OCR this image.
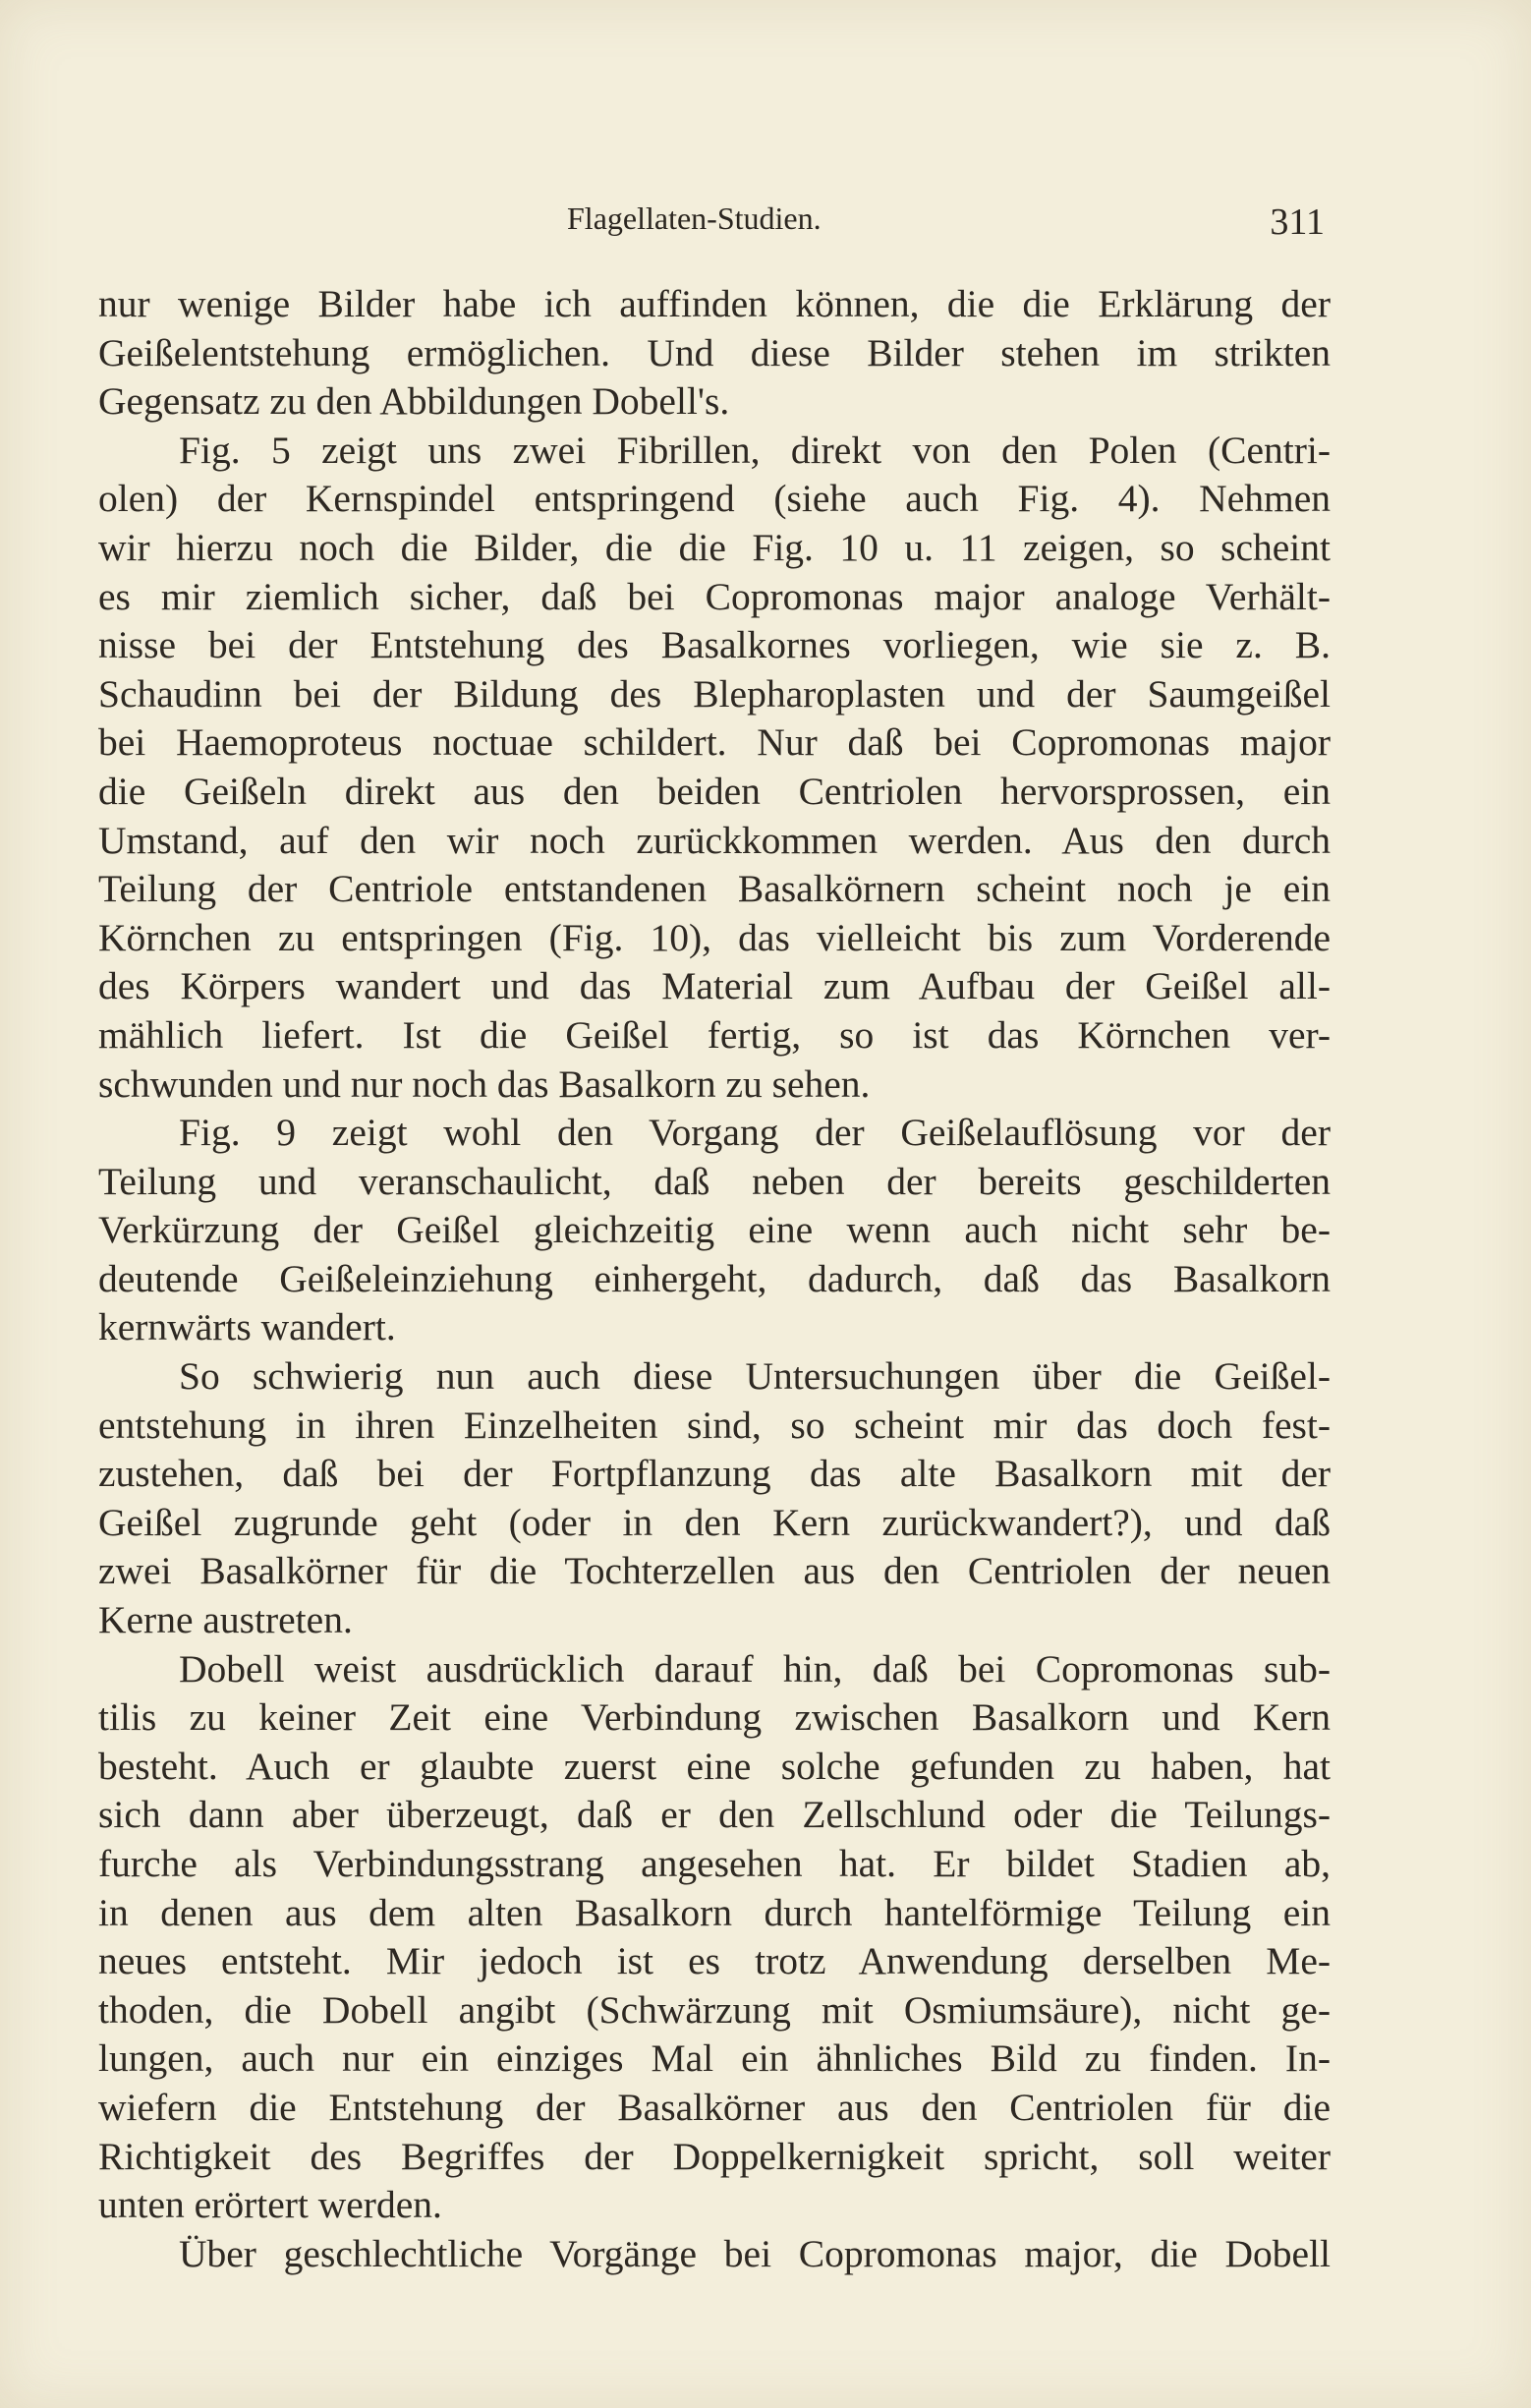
Flagellaten-Studien.	311
nur wenige Bilder habe ich auffinden können, die die Erklärung der
Geißelentstehung ermöglichen. Und diese Bilder stehen im strikten
Gegensatz zu den Abbildungen Dobell's.
Fig. 5 zeigt uns zwei Fibrillen, direkt von den Polen (Centri-
olen) der Kernspindel entspringend (siehe auch Fig. 4). Nehmen
wir hierzu noch die Bilder, die die Fig. 10 u. 11 zeigen, so scheint
es mir ziemlich sicher, daß bei Copromonas major analoge Verhält-
nisse bei der Entstehung des Basalkornes vorliegen, wie sie z. B.
Schaudinn bei der Bildung des Blepharoplasten und der Saumgeißel
bei Haemoproteus noctuae schildert. Nur daß bei Copromonas major
die Geißeln direkt aus den beiden Centriolen hervorsprossen, ein
Umstand, auf den wir noch zurückkommen werden. Aus den durch
Teilung der Centriole entstandenen Basalkörnern scheint noch je ein
Körnchen zu entspringen (Fig. 10), das vielleicht bis zum Vorderende
des Körpers wandert und das Material zum Aufbau der Geißel all-
mählich liefert. Ist die Geißel fertig, so ist das Körnchen ver-
schwunden und nur noch das Basalkorn zu sehen.
Fig. 9 zeigt wohl den Vorgang der Geißelauflösung vor der
Teilung und veranschaulicht, daß neben der bereits geschilderten
Verkürzung der Geißel gleichzeitig eine wenn auch nicht sehr be-
deutende Geißeleinziehung einhergeht, dadurch, daß das Basalkorn
kernwärts wandert.
So schwierig nun auch diese Untersuchungen über die Geißel-
entstehung in ihren Einzelheiten sind, so scheint mir das doch fest-
zustehen, daß bei der Fortpflanzung das alte Basalkorn mit der
Geißel zugrunde geht (oder in den Kern zurückwandert?), und daß
zwei Basalkörner für die Tochterzellen aus den Centriolen der neuen
Kerne austreten.
Dobell weist ausdrücklich darauf hin, daß bei Copromonas sub-
tilis zu keiner Zeit eine Verbindung zwischen Basalkorn und Kern
besteht. Auch er glaubte zuerst eine solche gefunden zu haben, hat
sich dann aber überzeugt, daß er den Zellschlund oder die Teilungs-
furche als Verbindungsstrang angesehen hat. Er bildet Stadien ab,
in denen aus dem alten Basalkorn durch hantelförmige Teilung ein
neues entsteht. Mir jedoch ist es trotz Anwendung derselben Me-
thoden, die Dobell angibt (Schwärzung mit Osmiumsäure), nicht ge-
lungen, auch nur ein einziges Mal ein ähnliches Bild zu finden. In-
wiefern die Entstehung der Basalkörner aus den Centriolen für die
Richtigkeit des Begriffes der Doppelkernigkeit spricht, soll weiter
unten erörtert werden.
Über geschlechtliche Vorgänge bei Copromonas major, die Dobell
